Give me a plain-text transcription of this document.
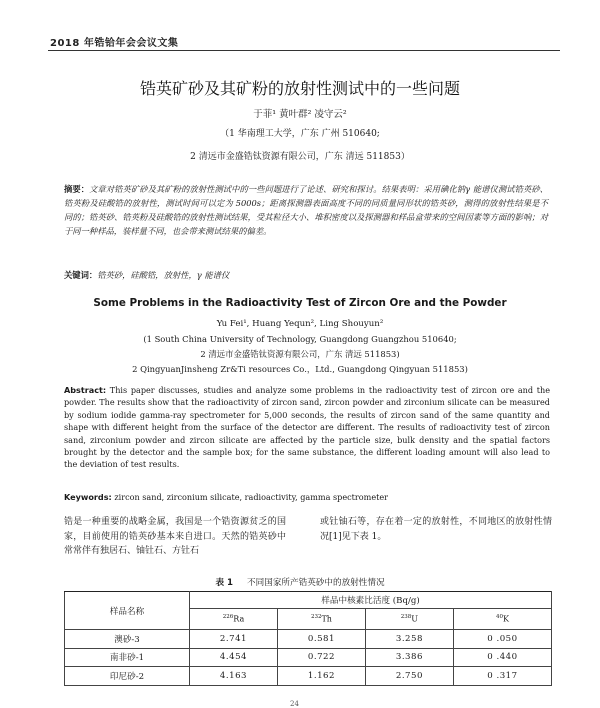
2018 年锆铪年会会议文集
锆英矿砂及其矿粉的放射性测试中的一些问题
于菲¹ 黄叶群² 凌守云²
（1 华南理工大学，广东 广州 510640;
2 清远市金盛锆钛资源有限公司，广东 清远 511853）
摘要：文章对锆英矿砂及其矿粉的放射性测试中的一些问题进行了论述、研究和探讨。结果表明：采用碘化钠γ 能谱仪测试锆英砂、锆英粉及硅酸锆的放射性，测试时间可以定为 5000s；距离探测器表面高度不同的同质量同形状的锆英砂，测得的放射性结果是不同的；锆英砂、锆英粉及硅酸锆的放射性测试结果，受其粒径大小、堆积密度以及探测器和样品盒带来的空间因素等方面的影响；对于同一种样品，装样量不同，也会带来测试结果的偏差。
关键词：锆英砂，硅酸锆，放射性，γ 能谱仪
Some Problems in the Radioactivity Test of Zircon Ore and the Powder
Yu Fei¹, Huang Yequn², Ling Shouyun²
(1 South China University of Technology, Guangdong Guangzhou 510640;
2 清远市金盛锆钛资源有限公司，广东 清远 511853)
2 QingyuanJinsheng Zr&Ti resources Co.，Ltd., Guangdong Qingyuan 511853)
Abstract: This paper discusses, studies and analyze some problems in the radioactivity test of zircon ore and the powder. The results show that the radioactivity of zircon sand, zircon powder and zirconium silicate can be measured by sodium iodide gamma-ray spectrometer for 5,000 seconds, the results of zircon sand of the same quantity and shape with different height from the surface of the detector are different. The results of radioactivity test of zircon sand, zirconium powder and zircon silicate are affected by the particle size, bulk density and the spatial factors brought by the detector and the sample box; for the same substance, the different loading amount will also lead to the deviation of test results.
Keywords: zircon sand, zirconium silicate, radioactivity, gamma spectrometer
锆是一种重要的战略金属，我国是一个锆资源贫乏的国家，目前使用的锆英砂基本来自进口。天然的锆英砂中常常伴有独居石、铀钍石、方钍石
或钍铀石等，存在着一定的放射性，不同地区的放射性情况[1]见下表 1。
表 1 不同国家所产锆英砂中的放射性情况
样品名称	样品中核素比活度 (Bq/g)			
	$^{226}$Ra	$^{232}$Th	$^{238}$U	$^{40}$K
澳砂-3	2.741	0.581	3.258	0 .050
南非砂-1	4.454	0.722	3.386	0 .440
印尼砂-2	4.163	1.162	2.750	0 .317
24
